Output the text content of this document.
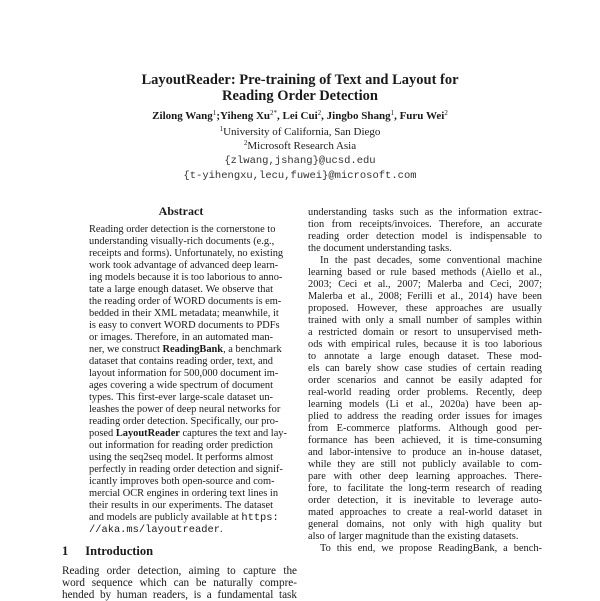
LayoutReader: Pre-training of Text and Layout for
Reading Order Detection
Zilong Wang$^1$;Yiheng $Xu^{2*}$, Lei Cui$^2$, Jingbo Shang$^1$, Furu Wei$^2$
$^1$University of California, San Diego
$^2$Microsoft Research Asia
{zlwang,jshang}@ucsd.edu
{t-yihengxu,lecu,fuwei}@microsoft.com
Abstract
Reading order detection is the cornerstone to
understanding visually-rich documents (e.g.,
receipts and forms). Unfortunately, no existing
work took advantage of advanced deep learn-
ing models because it is too laborious to anno-
tate a large enough dataset. We observe that
the reading order of WORD documents is em-
bedded in their XML metadata; meanwhile, it
is easy to convert WORD documents to PDFs
or images. Therefore, in an automated man-
ner, we construct ReadingBank, a benchmark
dataset that contains reading order, text, and
layout information for 500,000 document im-
ages covering a wide spectrum of document
types. This first-ever large-scale dataset un-
leashes the power of deep neural networks for
reading order detection. Specifically, our pro-
posed LayoutReader captures the text and lay-
out information for reading order prediction
using the seq2seq model. It performs almost
perfectly in reading order detection and signif-
icantly improves both open-source and com-
mercial OCR engines in ordering text lines in
their results in our experiments. The dataset
and models are publicly available at https:
//aka.ms/layoutreader.
1 Introduction
Reading order detection, aiming to capture the
word sequence which can be naturally compre-
hended by human readers, is a fundamental task
understanding tasks such as the information extrac-
tion from receipts/invoices. Therefore, an accurate
reading order detection model is indispensable to
the document understanding tasks.
In the past decades, some conventional machine
learning based or rule based methods (Aiello et al.,
2003; Ceci et al., 2007; Malerba and Ceci, 2007;
Malerba et al., 2008; Ferilli et al., 2014) have been
proposed. However, these approaches are usually
trained with only a small number of samples within
a restricted domain or resort to unsupervised meth-
ods with empirical rules, because it is too laborious
to annotate a large enough dataset. These mod-
els can barely show case studies of certain reading
order scenarios and cannot be easily adapted for
real-world reading order problems. Recently, deep
learning models (Li et al., 2020a) have been ap-
plied to address the reading order issues for images
from E-commerce platforms. Although good per-
formance has been achieved, it is time-consuming
and labor-intensive to produce an in-house dataset,
while they are still not publicly available to com-
pare with other deep learning approaches. There-
fore, to facilitate the long-term research of reading
order detection, it is inevitable to leverage auto-
mated approaches to create a real-world dataset in
general domains, not only with high quality but
also of larger magnitude than the existing datasets.
To this end, we propose ReadingBank, a bench-
